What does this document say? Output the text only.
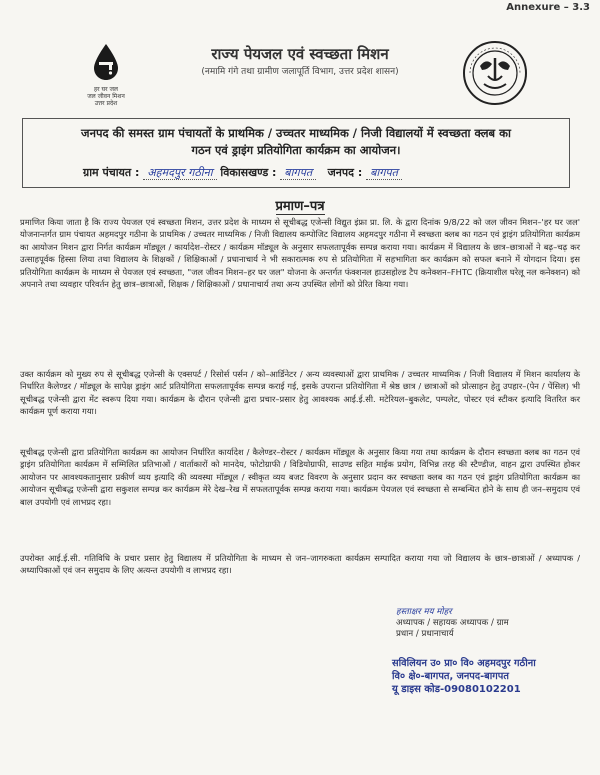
Annexure – 3.3
हर घर जल
जल जीवन मिशन
उत्तर प्रदेश
राज्य पेयजल एवं स्वच्छता मिशन
(नमामि गंगे तथा ग्रामीण जलापूर्ति विभाग, उत्तर प्रदेश शासन)
जनपद की समस्त ग्राम पंचायतों के प्राथमिक / उच्चतर माध्यमिक / निजी विद्यालयों में स्वच्छता क्लब का
गठन एवं ड्राइंग प्रतियोगिता कार्यक्रम का आयोजन।
ग्राम पंचायत : अहमदपुर गठीना विकासखण्ड : बागपत जनपद : बागपत
प्रमाण–पत्र
प्रमाणित किया जाता है कि राज्य पेयजल एवं स्वच्छता मिशन, उत्तर प्रदेश के माध्यम से सूचीबद्ध एजेन्सी विद्युत इंफ्रा प्रा. लि. के द्वारा दिनांक 9/8/22 को जल जीवन मिशन–'हर घर जल' योजनान्तर्गत ग्राम पंचायत अहमदपुर गठीना के प्राथमिक / उच्चतर माध्यमिक / निजी विद्यालय कम्पोजिट विद्यालय अहमदपुर गठीना में स्वच्छता क्लब का गठन एवं ड्राइंग प्रतियोगिता कार्यक्रम का आयोजन मिशन द्वारा निर्गत कार्यक्रम मॉड्यूल / कार्यादेश–रोस्टर / कार्यक्रम मॉड्यूल के अनुसार सफलतापूर्वक सम्पन्न कराया गया। कार्यक्रम में विद्यालय के छात्र–छात्राओं ने बढ़–चढ़ कर उत्साहपूर्वक हिस्सा लिया तथा विद्यालय के शिक्षकों / शिक्षिकाओं / प्रधानाचार्य ने भी सकारात्मक रुप से प्रतियोगिता में सहभागिता कर कार्यक्रम को सफल बनाने में योगदान दिया। इस प्रतियोगिता कार्यक्रम के माध्यम से पेयजल एवं स्वच्छता, "जल जीवन मिशन–हर घर जल" योजना के अन्तर्गत फंक्शनल हाउसहोल्ड टैप कनेक्शन–FHTC (क्रियाशील घरेलू नल कनेक्शन) को अपनाने तथा व्यवहार परिवर्तन हेतु छात्र–छात्राओं, शिक्षक / शिक्षिकाओं / प्रधानाचार्य तथा अन्य उपस्थित लोगों को प्रेरित किया गया।
उक्त कार्यक्रम को मुख्य रुप से सूचीबद्ध एजेन्सी के एक्सपर्ट / रिसोर्स पर्सन / को–आर्डिनेटर / अन्य व्यवस्थाओं द्वारा प्राथमिक / उच्चतर माध्यमिक / निजी विद्यालय में मिशन कार्यालय के निर्धारित कैलेण्डर / मॉड्यूल के सापेक्ष ड्राइंग आर्ट प्रतियोगिता सफलतापूर्वक सम्पन्न कराई गई, इसके उपरान्त प्रतियोगिता में श्रेष्ठ छात्र / छात्राओं को प्रोत्साहन हेतु उपहार–(पेन / पेंसिल) भी सूचीबद्ध एजेन्सी द्वारा मेंट स्वरूप दिया गया। कार्यक्रम के दौरान एजेन्सी द्वारा प्रचार–प्रसार हेतु आवश्यक आई.ई.सी. मटेरियल–बुकलेट, पम्पलेट, पोस्टर एवं स्टीकर इत्यादि वितरित कर कार्यक्रम पूर्ण कराया गया।
सूचीबद्ध एजेन्सी द्वारा प्रतियोगिता कार्यक्रम का आयोजन निर्धारित कार्यादेश / कैलेण्डर–रोस्टर / कार्यक्रम मॉड्यूल के अनुसार किया गया तथा कार्यक्रम के दौरान स्वच्छता क्लब का गठन एवं ड्राइंग प्रतियोगिता कार्यक्रम में सम्मिलित प्रतिभाओं / वार्ताकारों को मानदेय, फोटोग्राफी / विडियोग्राफी, साउण्ड सहित माईक प्रयोग, विभिन्न तरह की स्टैण्डीज, वाहन द्वारा उपस्थित होकर आयोजन पर आवश्यकतानुसार प्रकीर्ण व्यय इत्यादि की व्यवस्था मॉड्यूल / स्वीकृत व्यय बजट विवरण के अनुसार प्रदान कर स्वच्छता क्लब का गठन एवं ड्राइंग प्रतियोगिता कार्यक्रम का आयोजन सूचीबद्ध एजेन्सी द्वारा सकुशल सम्पन्न कर कार्यक्रम मेरे देख–रेख में सफलतापूर्वक सम्पन्न कराया गया। कार्यक्रम पेयजल एवं स्वच्छता से सम्बन्धित होने के साथ ही जन–समुदाय एवं बाल उपयोगी एवं लाभप्रद रहा।
उपरोक्त आई.ई.सी. गतिविधि के प्रचार प्रसार हेतु विद्यालय में प्रतियोगिता के माध्यम से जन–जागरुकता कार्यक्रम सम्पादित कराया गया जो विद्यालय के छात्र–छात्राओं / अध्यापक / अध्यापिकाओं एवं जन समुदाय के लिए अत्यन्त उपयोगी व लाभप्रद रहा।
हस्ताक्षर मय मोहर
अध्यापक / सहायक अध्यापक / ग्राम
प्रधान / प्रधानाचार्य
सविलियन उ० प्रा० वि० अहमदपुर गठीना
वि० क्षे०-बागपत, जनपद-बागपत
यू डाइस कोड-09080102201
